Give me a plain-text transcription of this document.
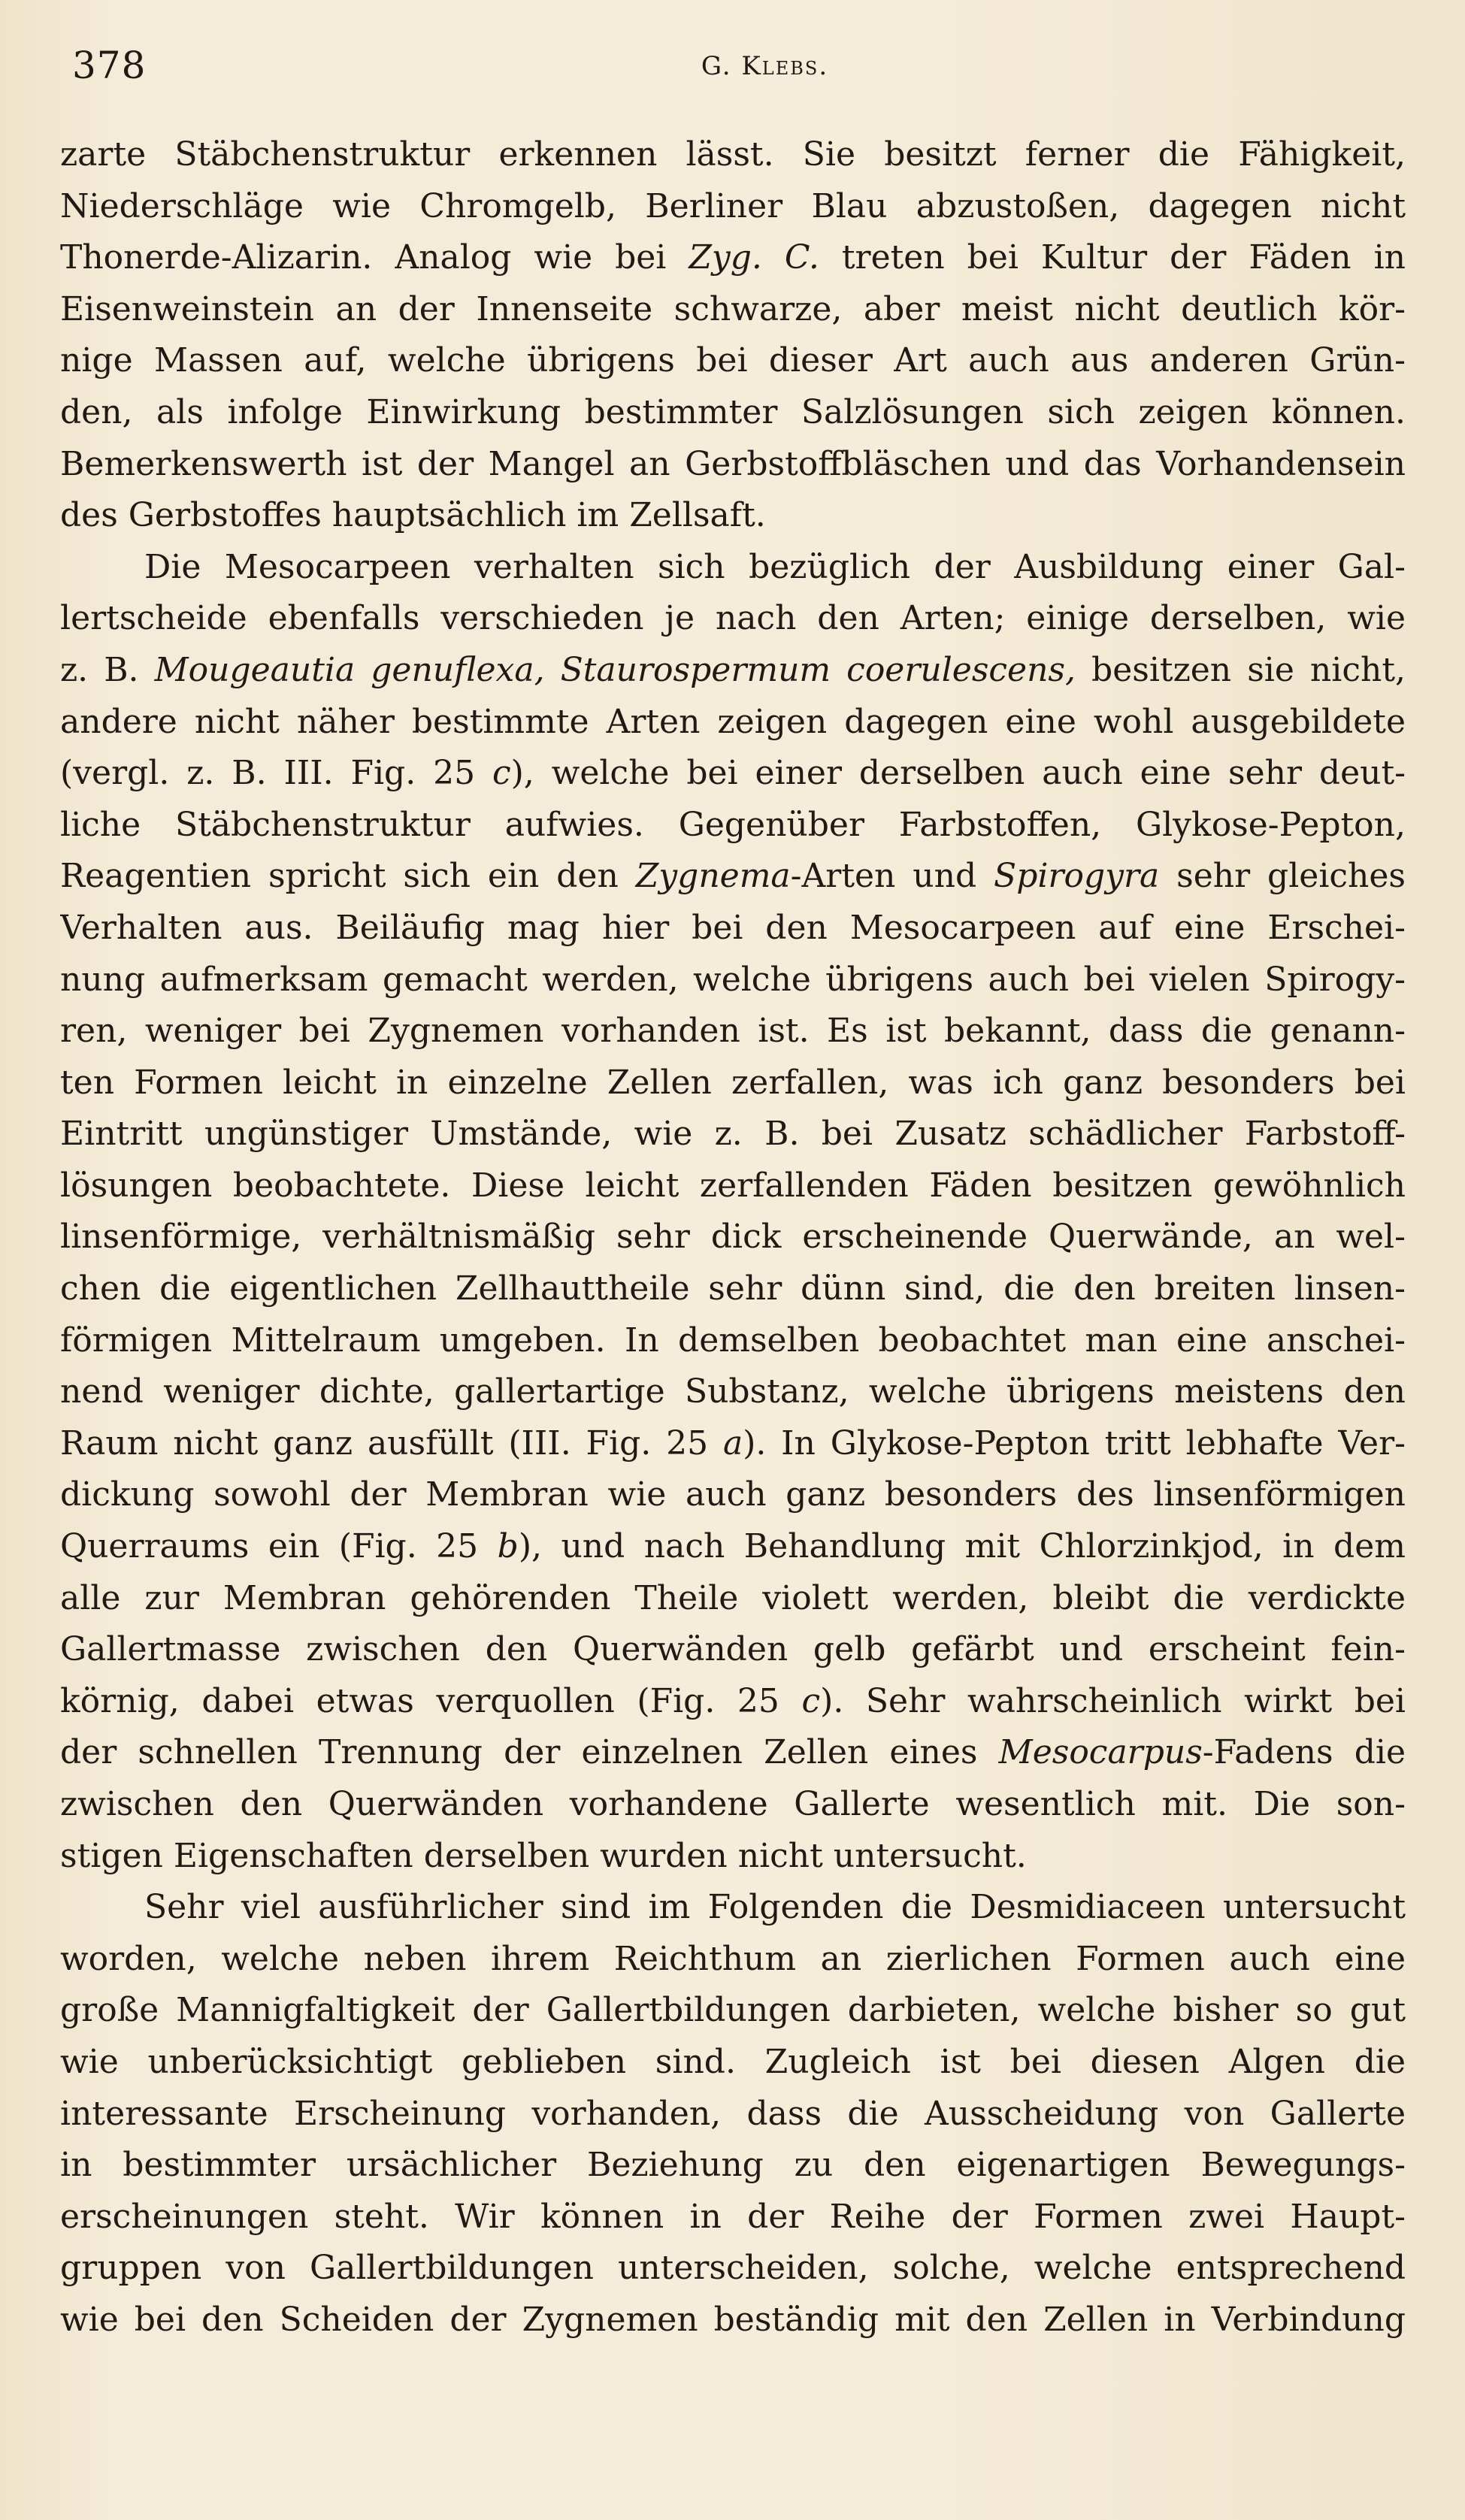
378	G. Klebs.
zarte Stäbchenstruktur erkennen lässt. Sie besitzt ferner die Fähigkeit,
Niederschläge wie Chromgelb, Berliner Blau abzustoßen, dagegen nicht
Thonerde-Alizarin. Analog wie bei Zyg. C. treten bei Kultur der Fäden in
Eisenweinstein an der Innenseite schwarze, aber meist nicht deutlich kör-
nige Massen auf, welche übrigens bei dieser Art auch aus anderen Grün-
den, als infolge Einwirkung bestimmter Salzlösungen sich zeigen können.
Bemerkenswerth ist der Mangel an Gerbstoffbläschen und das Vorhandensein
des Gerbstoffes hauptsächlich im Zellsaft.
Die Mesocarpeen verhalten sich bezüglich der Ausbildung einer Gal-
lertscheide ebenfalls verschieden je nach den Arten; einige derselben, wie
z. B. Mougeautia genuflexa, Staurospermum coerulescens, besitzen sie nicht,
andere nicht näher bestimmte Arten zeigen dagegen eine wohl ausgebildete
(vergl. z. B. III. Fig. 25 c), welche bei einer derselben auch eine sehr deut-
liche Stäbchenstruktur aufwies. Gegenüber Farbstoffen, Glykose-Pepton,
Reagentien spricht sich ein den Zygnema-Arten und Spirogyra sehr gleiches
Verhalten aus. Beiläufig mag hier bei den Mesocarpeen auf eine Erschei-
nung aufmerksam gemacht werden, welche übrigens auch bei vielen Spirogy-
ren, weniger bei Zygnemen vorhanden ist. Es ist bekannt, dass die genann-
ten Formen leicht in einzelne Zellen zerfallen, was ich ganz besonders bei
Eintritt ungünstiger Umstände, wie z. B. bei Zusatz schädlicher Farbstoff-
lösungen beobachtete. Diese leicht zerfallenden Fäden besitzen gewöhnlich
linsenförmige, verhältnismäßig sehr dick erscheinende Querwände, an wel-
chen die eigentlichen Zellhauttheile sehr dünn sind, die den breiten linsen-
förmigen Mittelraum umgeben. In demselben beobachtet man eine anschei-
nend weniger dichte, gallertartige Substanz, welche übrigens meistens den
Raum nicht ganz ausfüllt (III. Fig. 25 a). In Glykose-Pepton tritt lebhafte Ver-
dickung sowohl der Membran wie auch ganz besonders des linsenförmigen
Querraums ein (Fig. 25 b), und nach Behandlung mit Chlorzinkjod, in dem
alle zur Membran gehörenden Theile violett werden, bleibt die verdickte
Gallertmasse zwischen den Querwänden gelb gefärbt und erscheint fein-
körnig, dabei etwas verquollen (Fig. 25 c). Sehr wahrscheinlich wirkt bei
der schnellen Trennung der einzelnen Zellen eines Mesocarpus-Fadens die
zwischen den Querwänden vorhandene Gallerte wesentlich mit. Die son-
stigen Eigenschaften derselben wurden nicht untersucht.
Sehr viel ausführlicher sind im Folgenden die Desmidiaceen untersucht
worden, welche neben ihrem Reichthum an zierlichen Formen auch eine
große Mannigfaltigkeit der Gallertbildungen darbieten, welche bisher so gut
wie unberücksichtigt geblieben sind. Zugleich ist bei diesen Algen die
interessante Erscheinung vorhanden, dass die Ausscheidung von Gallerte
in bestimmter ursächlicher Beziehung zu den eigenartigen Bewegungs-
erscheinungen steht. Wir können in der Reihe der Formen zwei Haupt-
gruppen von Gallertbildungen unterscheiden, solche, welche entsprechend
wie bei den Scheiden der Zygnemen beständig mit den Zellen in Verbindung
